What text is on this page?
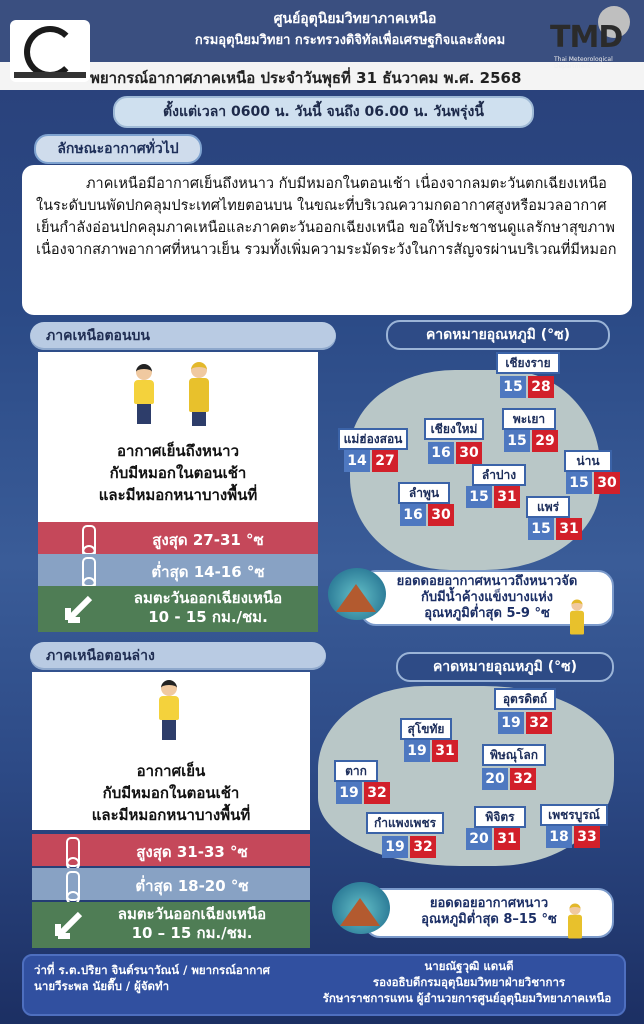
ศูนย์อุตุนิยมวิทยาภาคเหนือ
กรมอุตุนิยมวิทยา กระทรวงดิจิทัลเพื่อเศรษฐกิจและสังคม
พยากรณ์อากาศภาคเหนือ ประจำวันพุธที่ 31 ธันวาคม พ.ศ. 2568
TMD
Thai Meteorological Department
ตั้งแต่เวลา 0600 น. วันนี้ จนถึง 06.00 น. วันพรุ่งนี้
ลักษณะอากาศทั่วไป

ภาคเหนือมีอากาศเย็นถึงหนาว กับมีหมอกในตอนเช้า เนื่องจากลมตะวันตกเฉียงเหนือในระดับบนพัดปกคลุมประเทศไทยตอนบน ในขณะที่บริเวณความกดอากาศสูงหรือมวลอากาศเย็นกำลังอ่อนปกคลุมภาคเหนือและภาคตะวันออกเฉียงเหนือ ขอให้ประชาชนดูแลรักษาสุขภาพเนื่องจากสภาพอากาศที่หนาวเย็น รวมทั้งเพิ่มความระมัดระวังในการสัญจรผ่านบริเวณที่มีหมอก

ภาคเหนือตอนบน	คาดหมายอุณหภูมิ (°ซ)
อากาศเย็นถึงหนาว
กับมีหมอกในตอนเช้า
และมีหมอกหนาบางพื้นที่
สูงสุด 27-31 °ซ
ต่ำสุด 14-16 °ซ
ลมตะวันออกเฉียงเหนือ
10 - 15 กม./ชม.
เชียงราย
15 28
พะเยา
15 29
เชียงใหม่
16 30
แม่ฮ่องสอน
14 27
ลำปาง
15 31
น่าน
15 30
ลำพูน
16 30	แพร่
15 31
ยอดดอยอากาศหนาวถึงหนาวจัด
กับมีน้ำค้างแข็งบางแห่ง
อุณหภูมิต่ำสุด 5-9 °ซ
ภาคเหนือตอนล่าง
คาดหมายอุณหภูมิ (°ซ)
อากาศเย็น
กับมีหมอกในตอนเช้า
และมีหมอกหนาบางพื้นที่
สูงสุด 31-33 °ซ
ต่ำสุด 18-20 °ซ
ลมตะวันออกเฉียงเหนือ
10 – 15 กม./ชม.
อุตรดิตถ์
19 32
สุโขทัย
19 31	พิษณุโลก
20 32
ตาก
19 32
พิจิตร
20 31
เพชรบูรณ์
18 33
กำแพงเพชร
19 32
ยอดดอยอากาศหนาว
อุณหภูมิต่ำสุด 8–15 °ซ
ว่าที่ ร.ต.ปริยา จินต์รนาวัณน์ / พยากรณ์อากาศ
นายวีระพล นัยตื๊บ / ผู้จัดทำ
นายณัฐวุฒิ แดนดี
รองอธิบดีกรมอุตุนิยมวิทยาฝ่ายวิชาการ
รักษาราชการแทน ผู้อำนวยการศูนย์อุตุนิยมวิทยาภาคเหนือ
